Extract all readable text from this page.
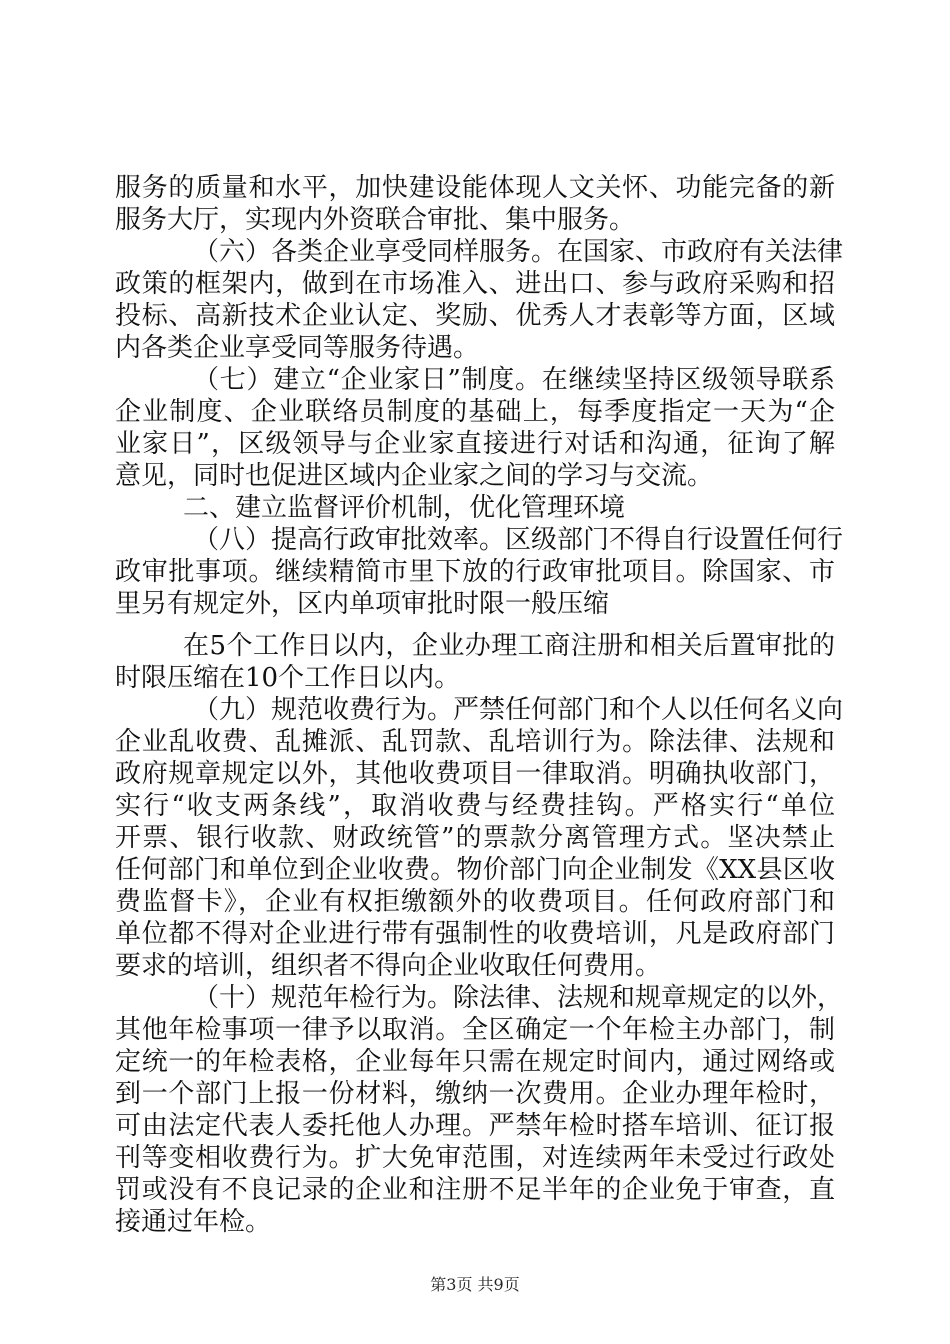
服务的质量和水平，加快建设能体现人文关怀、功能完备的新
服务大厅，实现内外资联合审批、集中服务。
（六）各类企业享受同样服务。在国家、市政府有关法律
政策的框架内，做到在市场准入、进出口、参与政府采购和招
投标、高新技术企业认定、奖励、优秀人才表彰等方面，区域
内各类企业享受同等服务待遇。
（七）建立“企业家日”制度。在继续坚持区级领导联系
企业制度、企业联络员制度的基础上，每季度指定一天为“企
业家日”，区级领导与企业家直接进行对话和沟通，征询了解
意见，同时也促进区域内企业家之间的学习与交流。
二、建立监督评价机制，优化管理环境
（八）提高行政审批效率。区级部门不得自行设置任何行
政审批事项。继续精简市里下放的行政审批项目。除国家、市
里另有规定外，区内单项审批时限一般压缩
在5个工作日以内，企业办理工商注册和相关后置审批的
时限压缩在10个工作日以内。
（九）规范收费行为。严禁任何部门和个人以任何名义向
企业乱收费、乱摊派、乱罚款、乱培训行为。除法律、法规和
政府规章规定以外，其他收费项目一律取消。明确执收部门，
实行“收支两条线”，取消收费与经费挂钩。严格实行“单位
开票、银行收款、财政统管”的票款分离管理方式。坚决禁止
任何部门和单位到企业收费。物价部门向企业制发《XX县区收
费监督卡》，企业有权拒缴额外的收费项目。任何政府部门和
单位都不得对企业进行带有强制性的收费培训，凡是政府部门
要求的培训，组织者不得向企业收取任何费用。
（十）规范年检行为。除法律、法规和规章规定的以外，
其他年检事项一律予以取消。全区确定一个年检主办部门，制
定统一的年检表格，企业每年只需在规定时间内，通过网络或
到一个部门上报一份材料，缴纳一次费用。企业办理年检时，
可由法定代表人委托他人办理。严禁年检时搭车培训、征订报
刊等变相收费行为。扩大免审范围，对连续两年未受过行政处
罚或没有不良记录的企业和注册不足半年的企业免于审查，直
接通过年检。
第3页 共9页
